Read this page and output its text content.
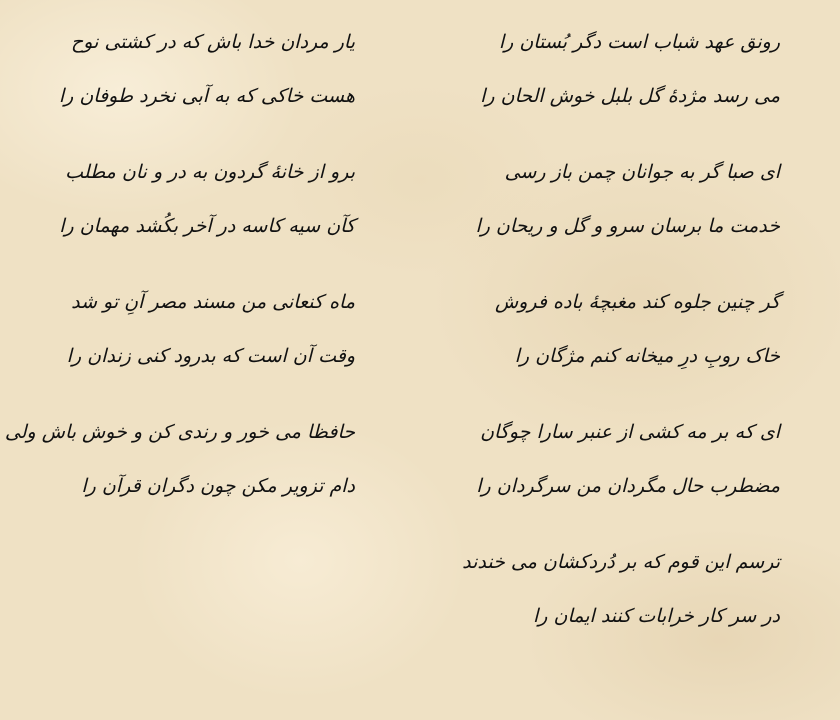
رونق عهد شباب است دگر بُستان را
می رسد مژدهٔ گل بلبل خوش الحان را
ای صبا گر به جوانان چمن باز رسی
خدمت ما برسان سرو و گل و ریحان را
گر چنین جلوه کند مغبچهٔ باده فروش
خاک روبِ درِ میخانه کنم مژگان را
ای که بر مه کشی از عنبر سارا چوگان
مضطرب حال مگردان من سرگردان را
ترسم این قوم که بر دُردکشان می خندند
در سر کار خرابات کنند ایمان را
یار مردان خدا باش که در کشتی نوح
هست خاکی که به آبی نخرد طوفان را
برو از خانهٔ گردون به در و نان مطلب
کآن سیه کاسه در آخر بکُشد مهمان را
ماه کنعانی من مسند مصر آنِ تو شد
وقت آن است که بدرود کنی زندان را
حافظا می خور و رندی کن و خوش باش ولی
دام تزویر مکن چون دگران قرآن را
